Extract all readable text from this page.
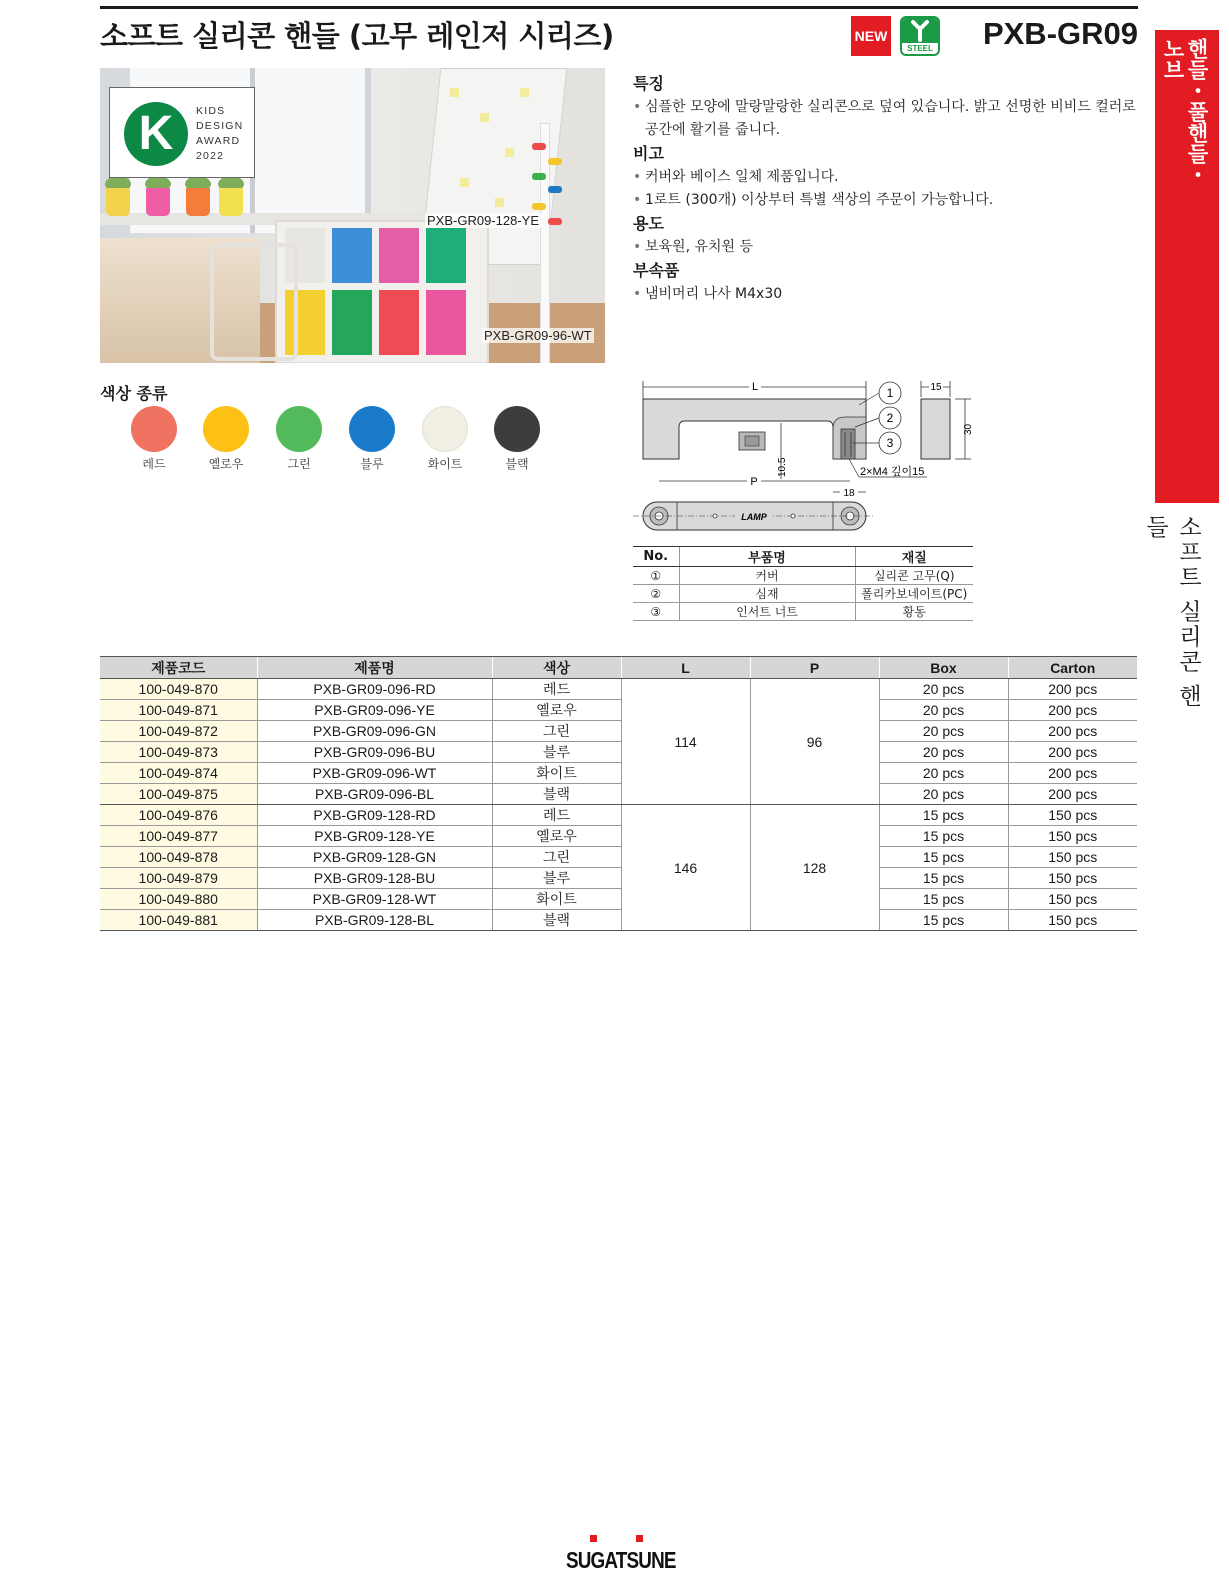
소프트 실리콘 핸들 (고무 레인저 시리즈)	NEW
STEEL PXB-GR09
핸들・풀핸들・노브
소프트 실리콘 핸들
K	KIDS
DESIGN
AWARD
2022
PXB-GR09-128-YE
PXB-GR09-96-WT
특징
• 심플한 모양에 말랑말랑한 실리콘으로 덮여 있습니다. 밝고 선명한 비비드 컬러로 공간에 활기를 줍니다.
비고
• 커버와 베이스 일체 제품입니다.
• 1로트 (300개) 이상부터 특별 색상의 주문이 가능합니다.
용도
• 보육원, 유치원 등
부속품
• 냄비머리 나사 M4x30
색상 종류
레드	옐로우	그린	블루	화이트	블랙
L
10.5
1
2
3
2×M4 깊이15
15
30
P
18
LAMP
No.	부품명	재질
①	커버	실리콘 고무(Q)
②	심재	폴리카보네이트(PC)
③	인서트 너트	황동
제품코드	제품명	색상	L	P	Box	Carton
100-049-870	PXB-GR09-096-RD	레드	114	96	20 pcs	200 pcs
100-049-871	PXB-GR09-096-YE	옐로우			20 pcs	200 pcs
100-049-872	PXB-GR09-096-GN	그린			20 pcs	200 pcs
100-049-873	PXB-GR09-096-BU	블루			20 pcs	200 pcs
100-049-874	PXB-GR09-096-WT	화이트			20 pcs	200 pcs
100-049-875	PXB-GR09-096-BL	블랙			20 pcs	200 pcs
100-049-876	PXB-GR09-128-RD	레드	146	128	15 pcs	150 pcs
100-049-877	PXB-GR09-128-YE	옐로우			15 pcs	150 pcs
100-049-878	PXB-GR09-128-GN	그린			15 pcs	150 pcs
100-049-879	PXB-GR09-128-BU	블루			15 pcs	150 pcs
100-049-880	PXB-GR09-128-WT	화이트			15 pcs	150 pcs
100-049-881	PXB-GR09-128-BL	블랙			15 pcs	150 pcs
SUGATSUNE
